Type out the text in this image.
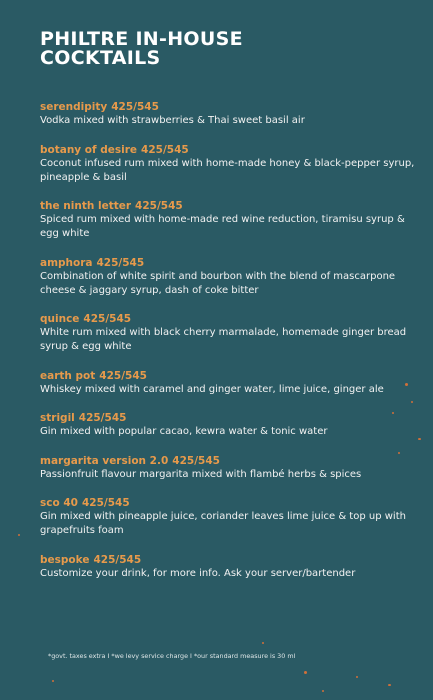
PHILTRE IN-HOUSE
COCKTAILS
serendipity 425/545
Vodka mixed with strawberries & Thai sweet basil air
botany of desire 425/545
Coconut infused rum mixed with home-made honey & black-pepper syrup, pineapple & basil
the ninth letter 425/545
Spiced rum mixed with home-made red wine reduction, tiramisu syrup & egg white
amphora 425/545
Combination of white spirit and bourbon with the blend of mascarpone cheese & jaggary syrup, dash of coke bitter
quince 425/545
White rum mixed with black cherry marmalade, homemade ginger bread syrup & egg white
earth pot 425/545
Whiskey mixed with caramel and ginger water, lime juice, ginger ale
strigil 425/545
Gin mixed with popular cacao, kewra water & tonic water
margarita version 2.0 425/545
Passionfruit flavour margarita mixed with flambé herbs & spices
sco 40 425/545
Gin mixed with pineapple juice, coriander leaves lime juice & top up with grapefruits foam
bespoke 425/545
Customize your drink, for more info. Ask your server/bartender
*govt. taxes extra I *we levy service charge I *our standard measure is 30 ml
